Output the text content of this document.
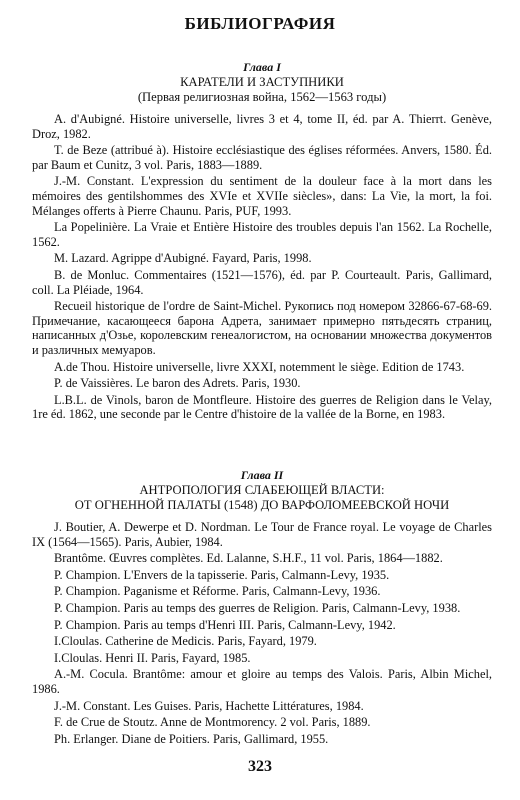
БИБЛИОГРАФИЯ
Глава I
КАРАТЕЛИ И ЗАСТУПНИКИ
(Первая религиозная война, 1562—1563 годы)

A. d'Aubigné. Histoire universelle, livres 3 et 4, tome II, éd. par A. Thierrt. Genève, Droz, 1982.

T. de Beze (attribué à). Histoire ecclésiastique des églises réformées. Anvers, 1580. Éd. par Baum et Cunitz, 3 vol. Paris, 1883—1889.

J.-M. Constant. L'expression du sentiment de la douleur face à la mort dans les mémoires des gentilshommes des XVIe et XVIIe siècles», dans: La Vie, la mort, la foi. Mélanges offerts à Pierre Chaunu. Paris, PUF, 1993.

La Popelinière. La Vraie et Entière Histoire des troubles depuis l'an 1562. La Rochelle, 1562.

M. Lazard. Agrippe d'Aubigné. Fayard, Paris, 1998.

B. de Monluc. Commentaires (1521—1576), éd. par P. Courteault. Paris, Gallimard, coll. La Pléiade, 1964.

Recueil historique de l'ordre de Saint-Michel. Рукопись под номером 32866-67-68-69. Примечание, касающееся барона Адрета, занимает примерно пятьдесять страниц, написанных д'Озье, королевским генеалогистом, на основании множества документов и различных мемуаров.

A.de Thou. Histoire universelle, livre XXXI, notemment le siège. Edition de 1743.

P. de Vaissières. Le baron des Adrets. Paris, 1930.

L.B.L. de Vinols, baron de Montfleure. Histoire des guerres de Religion dans le Velay, 1re éd. 1862, une seconde par le Centre d'histoire de la vallée de la Borne, en 1983.

Глава II
АНТРОПОЛОГИЯ СЛАБЕЮЩЕЙ ВЛАСТИ:
ОТ ОГНЕННОЙ ПАЛАТЫ (1548) ДО ВАРФОЛОМЕЕВСКОЙ НОЧИ

J. Boutier, A. Dewerpe et D. Nordman. Le Tour de France royal. Le voyage de Charles IX (1564—1565). Paris, Aubier, 1984.

Brantôme. Œuvres complètes. Ed. Lalanne, S.H.F., 11 vol. Paris, 1864—1882.

P. Champion. L'Envers de la tapisserie. Paris, Calmann-Levy, 1935.

P. Champion. Paganisme et Réforme. Paris, Calmann-Levy, 1936.

P. Champion. Paris au temps des guerres de Religion. Paris, Calmann-Levy, 1938.

P. Champion. Paris au temps d'Henri III. Paris, Calmann-Levy, 1942.

I.Cloulas. Catherine de Medicis. Paris, Fayard, 1979.

I.Cloulas. Henri II. Paris, Fayard, 1985.

A.-M. Cocula. Brantôme: amour et gloire au temps des Valois. Paris, Albin Michel, 1986.

J.-M. Constant. Les Guises. Paris, Hachette Littératures, 1984.

F. de Crue de Stoutz. Anne de Montmorency. 2 vol. Paris, 1889.

Ph. Erlanger. Diane de Poitiers. Paris, Gallimard, 1955.

323
